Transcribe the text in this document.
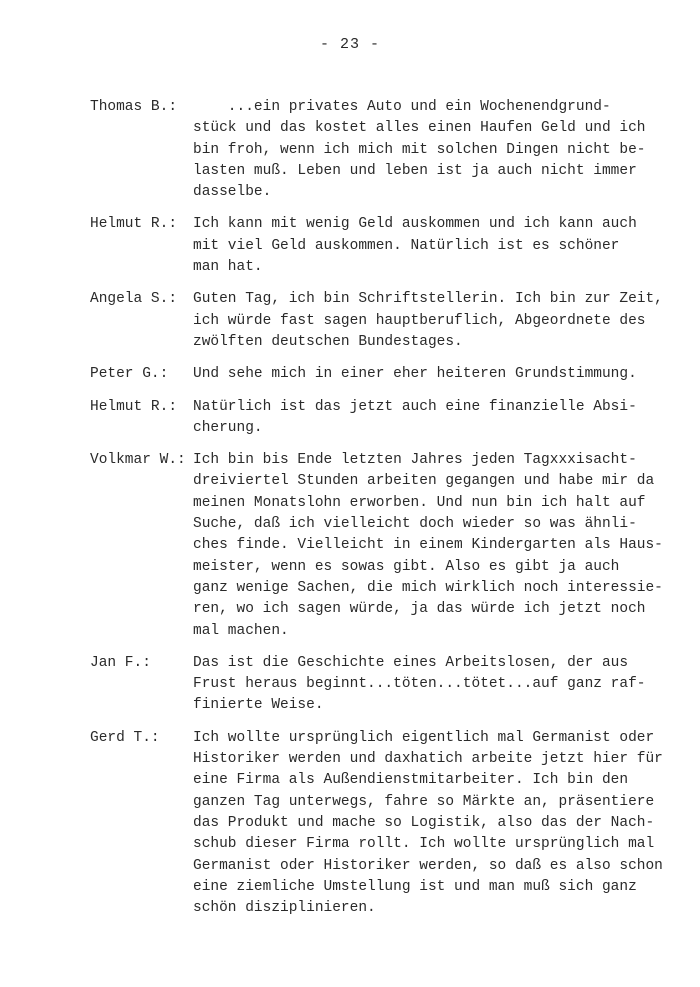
- 23 -
Thomas B.:	...ein privates Auto und ein Wochenendgrund-
stück und das kostet alles einen Haufen Geld und ich
bin froh, wenn ich mich mit solchen Dingen nicht be-
lasten muß. Leben und leben ist ja auch nicht immer
dasselbe.
Helmut R.:	Ich kann mit wenig Geld auskommen und ich kann auch
mit viel Geld auskommen. Natürlich ist es schöner
man hat.
Angela S.:	Guten Tag, ich bin Schriftstellerin. Ich bin zur Zeit,
ich würde fast sagen hauptberuflich, Abgeordnete des
zwölften deutschen Bundestages.
Peter G.:	Und sehe mich in einer eher heiteren Grundstimmung.
Helmut R.:	Natürlich ist das jetzt auch eine finanzielle Absi-
cherung.
Volkmar W.: Ich bin bis Ende letzten Jahres jeden Tagxxxisacht-
dreiviertel Stunden arbeiten gegangen und habe mir da
meinen Monatslohn erworben. Und nun bin ich halt auf
Suche, daß ich vielleicht doch wieder so was ähnli-
ches finde. Vielleicht in einem Kindergarten als Haus-
meister, wenn es sowas gibt. Also es gibt ja auch
ganz wenige Sachen, die mich wirklich noch interessie-
ren, wo ich sagen würde, ja das würde ich jetzt noch
mal machen.
Jan F.:	Das ist die Geschichte eines Arbeitslosen, der aus
Frust heraus beginnt...töten...tötet...auf ganz raf-
finierte Weise.
Gerd T.:	Ich wollte ursprünglich eigentlich mal Germanist oder
Historiker werden und daxhatich arbeite jetzt hier für
eine Firma als Außendienstmitarbeiter. Ich bin den
ganzen Tag unterwegs, fahre so Märkte an, präsentiere
das Produkt und mache so Logistik, also das der Nach-
schub dieser Firma rollt. Ich wollte ursprünglich mal
Germanist oder Historiker werden, so daß es also schon
eine ziemliche Umstellung ist und man muß sich ganz
schön disziplinieren.
